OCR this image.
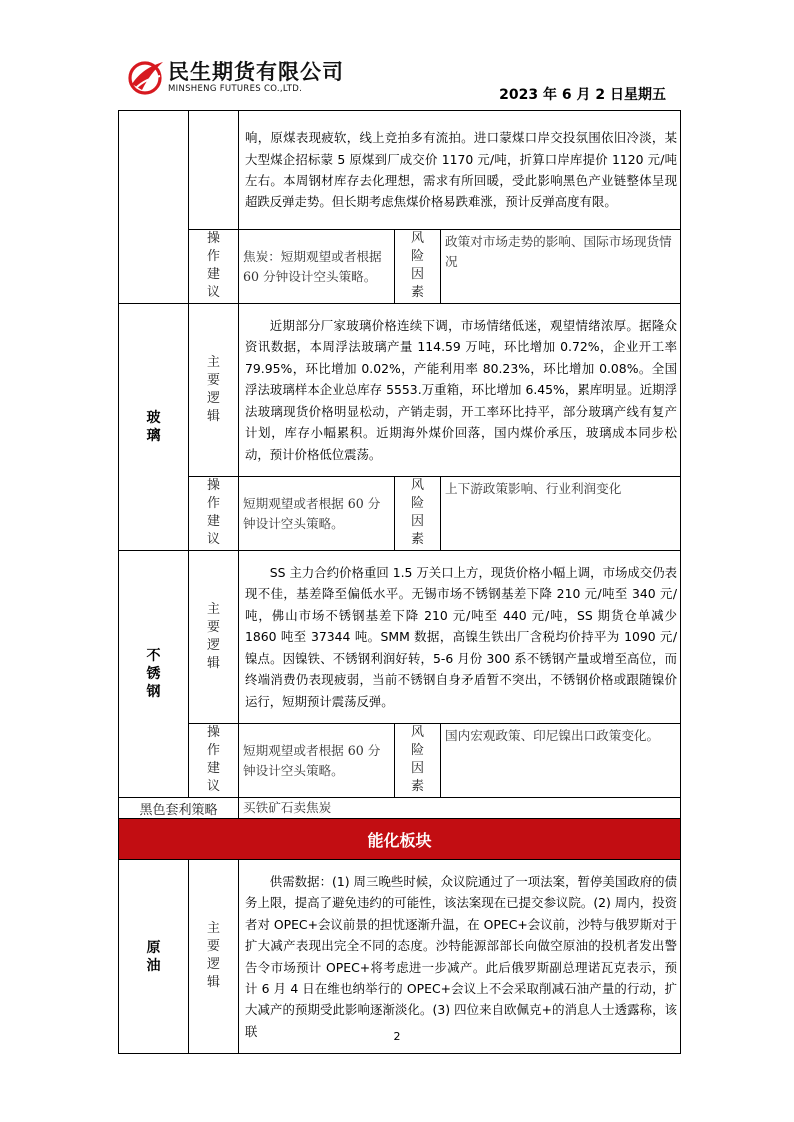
民生期货有限公司
MINSHENG FUTURES CO.,LTD.	2023 年 6 月 2 日星期五
		响，原煤表现疲软，线上竞拍多有流拍。进口蒙煤口岸交投氛围依旧冷淡，某大型煤企招标蒙 5 原煤到厂成交价 1170 元/吨，折算口岸库提价 1120 元/吨左右。本周钢材库存去化理想，需求有所回暖，受此影响黑色产业链整体呈现超跌反弹走势。但长期考虑焦煤价格易跌难涨，预计反弹高度有限。		
	操作建议	焦炭：短期观望或者根据 60 分钟设计空头策略。	风险因素	政策对市场走势的影响、国际市场现货情况
玻璃	主要逻辑	近期部分厂家玻璃价格连续下调，市场情绪低迷，观望情绪浓厚。据隆众资讯数据，本周浮法玻璃产量 114.59 万吨，环比增加 0.72%，企业开工率 79.95%，环比增加 0.02%，产能利用率 80.23%，环比增加 0.08%。全国浮法玻璃样本企业总库存 5553.万重箱，环比增加 6.45%，累库明显。近期浮法玻璃现货价格明显松动，产销走弱，开工率环比持平，部分玻璃产线有复产计划，库存小幅累积。近期海外煤价回落，国内煤价承压，玻璃成本同步松动，预计价格低位震荡。		
	操作建议	短期观望或者根据 60 分钟设计空头策略。	风险因素	上下游政策影响、行业利润变化
不锈钢	主要逻辑	SS 主力合约价格重回 1.5 万关口上方，现货价格小幅上调，市场成交仍表现不佳，基差降至偏低水平。无锡市场不锈钢基差下降 210 元/吨至 340 元/吨，佛山市场不锈钢基差下降 210 元/吨至 440 元/吨，SS 期货仓单减少 1860 吨至 37344 吨。SMM 数据，高镍生铁出厂含税均价持平为 1090 元/镍点。因镍铁、不锈钢利润好转，5-6 月份 300 系不锈钢产量或增至高位，而终端消费仍表现疲弱，当前不锈钢自身矛盾暂不突出，不锈钢价格或跟随镍价运行，短期预计震荡反弹。		
	操作建议	短期观望或者根据 60 分钟设计空头策略。	风险因素	国内宏观政策、印尼镍出口政策变化。
黑色套利策略		买铁矿石卖焦炭		
能化板块				
原油	主要逻辑	供需数据：(1) 周三晚些时候，众议院通过了一项法案，暂停美国政府的债务上限，提高了避免违约的可能性，该法案现在已提交参议院。(2) 周内，投资者对 OPEC+会议前景的担忧逐渐升温，在 OPEC+会议前，沙特与俄罗斯对于扩大减产表现出完全不同的态度。沙特能源部部长向做空原油的投机者发出警告令市场预计 OPEC+将考虑进一步减产。此后俄罗斯副总理诺瓦克表示，预计 6 月 4 日在维也纳举行的 OPEC+会议上不会采取削减石油产量的行动，扩大减产的预期受此影响逐渐淡化。(3) 四位来自欧佩克+的消息人士透露称，该联			2
